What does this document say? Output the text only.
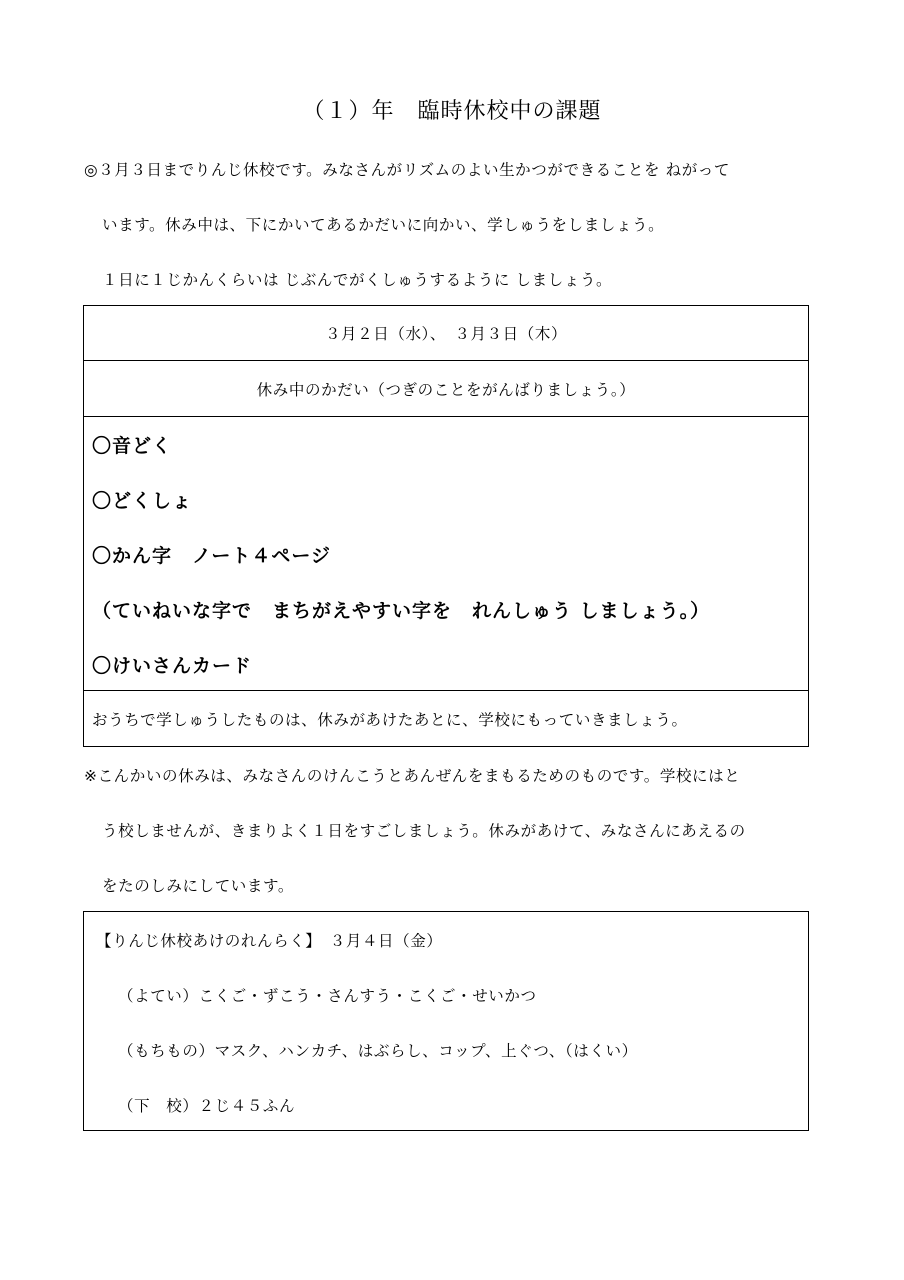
（１）年　臨時休校中の課題
◎３月３日までりんじ休校です。みなさんがリズムのよい生かつができることを ねがって
います。休み中は、下にかいてあるかだいに向かい、学しゅうをしましょう。
１日に１じかんくらいは じぶんでがくしゅうするように しましょう。
３月２日（水）、　３月３日（木）
休み中のかだい（つぎのことをがんばりましょう。）
〇音どく
〇どくしょ
〇かん字　ノート４ページ
（ていねいな字で　まちがえやすい字を　れんしゅう しましょう。）
〇けいさんカード
おうちで学しゅうしたものは、休みがあけたあとに、学校にもっていきましょう。
※こんかいの休みは、みなさんのけんこうとあんぜんをまもるためのものです。学校にはと
う校しませんが、きまりよく１日をすごしましょう。休みがあけて、みなさんにあえるの
をたのしみにしています。
【りんじ休校あけのれんらく】　３月４日（金）
（よてい）こくご・ずこう・さんすう・こくご・せいかつ
（もちもの）マスク、ハンカチ、はぶらし、コップ、上ぐつ、（はくい）
（下　校）２じ４５ふん
